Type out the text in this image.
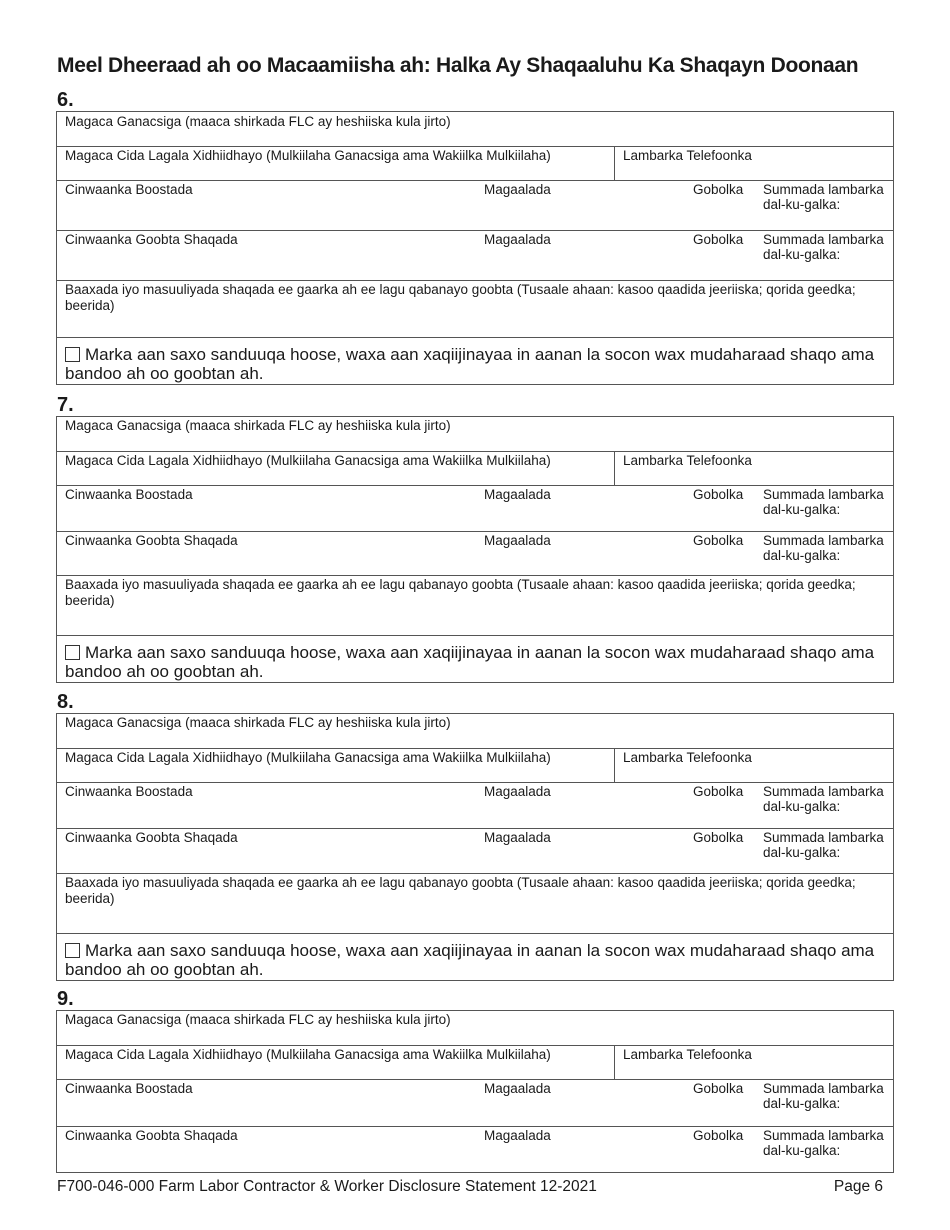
Meel Dheeraad ah oo Macaamiisha ah: Halka Ay Shaqaaluhu Ka Shaqayn Doonaan
6.
Magaca Ganacsiga (maaca shirkada FLC ay heshiiska kula jirto)
Magaca Cida Lagala Xidhiidhayo (Mulkiilaha Ganacsiga ama Wakiilka Mulkiilaha)	Lambarka Telefoonka
Cinwaanka Boostada	Magaalada	Gobolka Summada lambarka
dal-ku-galka:
Cinwaanka Goobta Shaqada	Magaalada	Gobolka Summada lambarka
dal-ku-galka:
Baaxada iyo masuuliyada shaqada ee gaarka ah ee lagu qabanayo goobta (Tusaale ahaan: kasoo qaadida jeeriiska; qorida geedka; beerida)
Marka aan saxo sanduuqa hoose, waxa aan xaqiijinayaa in aanan la socon wax mudaharaad shaqo ama bandoo ah oo goobtan ah.
7.
Magaca Ganacsiga (maaca shirkada FLC ay heshiiska kula jirto)
Magaca Cida Lagala Xidhiidhayo (Mulkiilaha Ganacsiga ama Wakiilka Mulkiilaha)	Lambarka Telefoonka
Cinwaanka Boostada	Magaalada	Gobolka Summada lambarka
dal-ku-galka:
Cinwaanka Goobta Shaqada	Magaalada	Gobolka Summada lambarka
dal-ku-galka:
Baaxada iyo masuuliyada shaqada ee gaarka ah ee lagu qabanayo goobta (Tusaale ahaan: kasoo qaadida jeeriiska; qorida geedka; beerida)
Marka aan saxo sanduuqa hoose, waxa aan xaqiijinayaa in aanan la socon wax mudaharaad shaqo ama bandoo ah oo goobtan ah.
8.
Magaca Ganacsiga (maaca shirkada FLC ay heshiiska kula jirto)
Magaca Cida Lagala Xidhiidhayo (Mulkiilaha Ganacsiga ama Wakiilka Mulkiilaha)	Lambarka Telefoonka
Cinwaanka Boostada	Magaalada	Gobolka Summada lambarka
dal-ku-galka:
Cinwaanka Goobta Shaqada	Magaalada	Gobolka Summada lambarka
dal-ku-galka:
Baaxada iyo masuuliyada shaqada ee gaarka ah ee lagu qabanayo goobta (Tusaale ahaan: kasoo qaadida jeeriiska; qorida geedka; beerida)
Marka aan saxo sanduuqa hoose, waxa aan xaqiijinayaa in aanan la socon wax mudaharaad shaqo ama bandoo ah oo goobtan ah.
9.
Magaca Ganacsiga (maaca shirkada FLC ay heshiiska kula jirto)
Magaca Cida Lagala Xidhiidhayo (Mulkiilaha Ganacsiga ama Wakiilka Mulkiilaha)	Lambarka Telefoonka
Cinwaanka Boostada	Magaalada	Gobolka Summada lambarka
dal-ku-galka:
Cinwaanka Goobta Shaqada	Magaalada	Gobolka Summada lambarka
dal-ku-galka:
F700-046-000 Farm Labor Contractor & Worker Disclosure Statement 12-2021	Page 6
